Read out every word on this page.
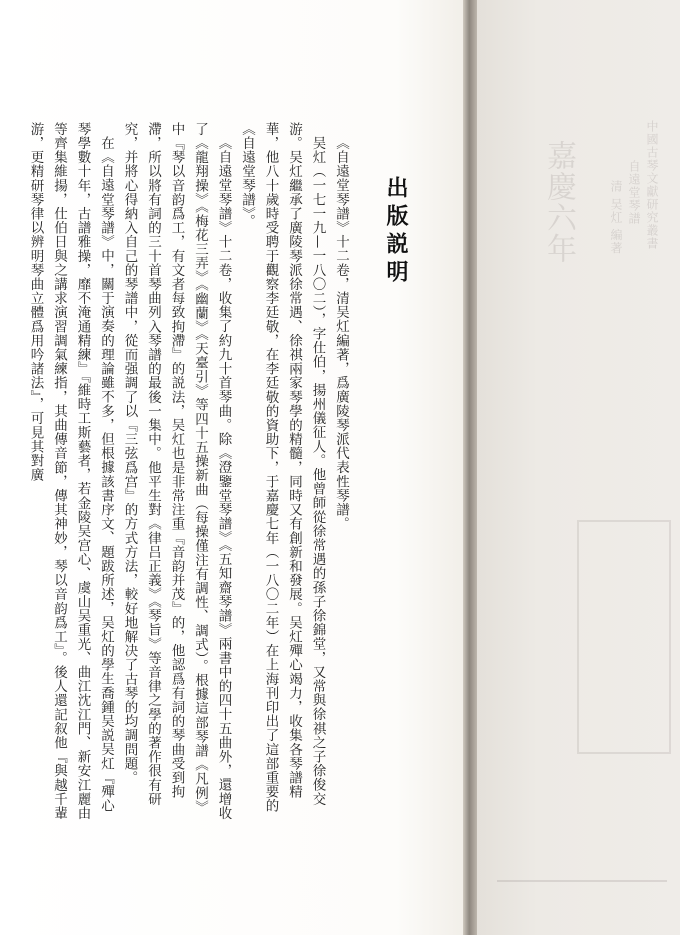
出版説明

《自遠堂琴譜》十二卷，清吴灴編著，爲廣陵琴派代表性琴譜。

吴灴（一七一九—一八〇二），字仕伯，揚州儀征人。他曾師從徐常遇的孫子徐錦堂，又常與徐祺之子徐俊交游。吴灴繼承了廣陵琴派徐常遇、徐祺兩家琴學的精髓，同時又有創新和發展。吴灴殫心竭力，收集各琴譜精華，他八十歲時受聘于觀察李廷敬，在李廷敬的資助下，于嘉慶七年（一八〇二年）在上海刊印出了這部重要的《自遠堂琴譜》。

《自遠堂琴譜》十二卷，收集了約九十首琴曲。除《澄鑒堂琴譜》《五知齋琴譜》兩書中的四十五曲外，還增收了《龍翔操》《梅花三弄》《幽蘭》《天臺引》等四十五操新曲（每操僅注有調性、調式）。根據這部琴譜《凡例》中『琴以音韵爲工，有文者每致拘滯』的説法，吴灴也是非常注重『音韵并茂』的，他認爲有詞的琴曲受到拘滯，所以將有詞的三十首琴曲列入琴譜的最後一集中。他平生對《律吕正義》《琴旨》等音律之學的著作很有研究，并將心得納入自己的琴譜中，從而强調了以『三弦爲宫』的方式方法，較好地解决了古琴的均調問題。

在《自遠堂琴譜》中，關于演奏的理論雖不多，但根據該書序文、題跋所述，吴灴的學生喬鍾吴説吴灴『殫心琴學數十年，古譜雅操，靡不淹通精練』『維時工斯藝者，若金陵吴宫心、虞山吴重光、曲江沈江門、新安江麗由等齊集維揚，仕伯日與之講求演習調氣練指，其曲傳音節，傳其神妙，琴以音韵爲工』。後人還記叙他『與越千輩游，更精研琴律以辨明琴曲立體爲用吟諸法』，可見其對廣	中國古琴文獻研究叢書
自遠堂琴譜
清 吴灴 編著
嘉慶六年
